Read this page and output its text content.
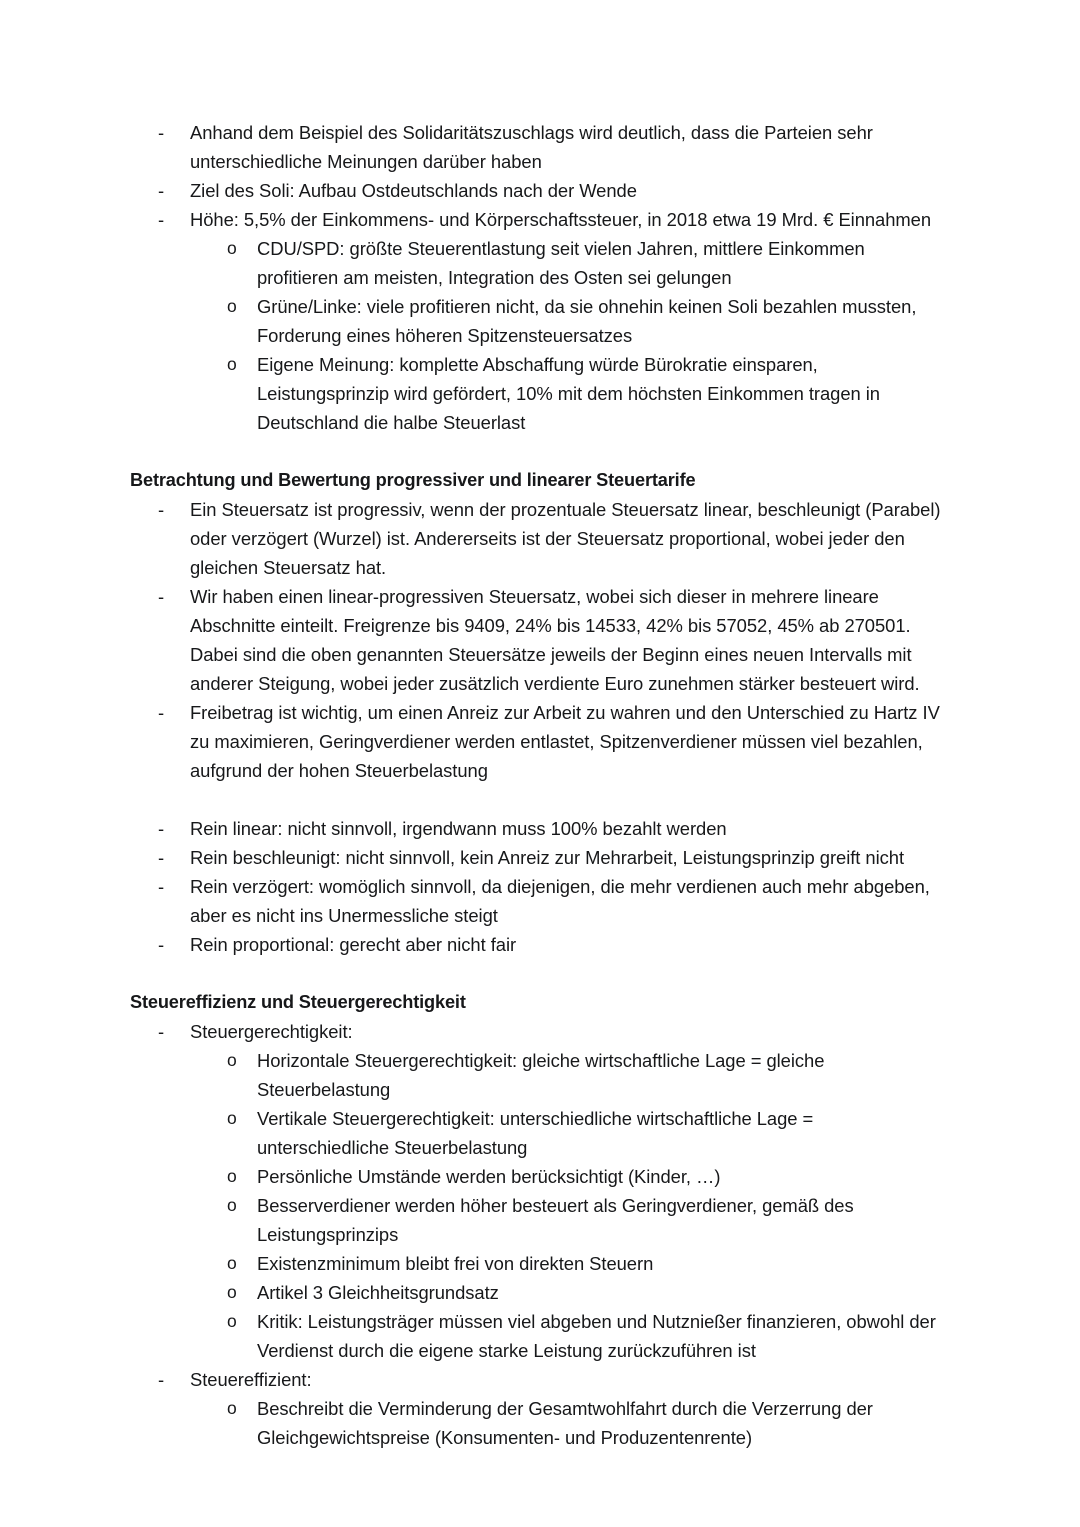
-	Anhand dem Beispiel des Solidaritätszuschlags wird deutlich, dass die Parteien sehr unterschiedliche Meinungen darüber haben
-	Ziel des Soli: Aufbau Ostdeutschlands nach der Wende
-	Höhe: 5,5% der Einkommens- und Körperschaftssteuer, in 2018 etwa 19 Mrd. € Einnahmen
o	CDU/SPD: größte Steuerentlastung seit vielen Jahren, mittlere Einkommen profitieren am meisten, Integration des Osten sei gelungen
o	Grüne/Linke: viele profitieren nicht, da sie ohnehin keinen Soli bezahlen mussten, Forderung eines höheren Spitzensteuersatzes
o	Eigene Meinung: komplette Abschaffung würde Bürokratie einsparen, Leistungsprinzip wird gefördert, 10% mit dem höchsten Einkommen tragen in Deutschland die halbe Steuerlast
Betrachtung und Bewertung progressiver und linearer Steuertarife
-	Ein Steuersatz ist progressiv, wenn der prozentuale Steuersatz linear, beschleunigt (Parabel) oder verzögert (Wurzel) ist. Andererseits ist der Steuersatz proportional, wobei jeder den gleichen Steuersatz hat.
-	Wir haben einen linear-progressiven Steuersatz, wobei sich dieser in mehrere lineare Abschnitte einteilt. Freigrenze bis 9409, 24% bis 14533, 42% bis 57052, 45% ab 270501. Dabei sind die oben genannten Steuersätze jeweils der Beginn eines neuen Intervalls mit anderer Steigung, wobei jeder zusätzlich verdiente Euro zunehmen stärker besteuert wird.
-	Freibetrag ist wichtig, um einen Anreiz zur Arbeit zu wahren und den Unterschied zu Hartz IV zu maximieren, Geringverdiener werden entlastet, Spitzenverdiener müssen viel bezahlen, aufgrund der hohen Steuerbelastung
-	Rein linear: nicht sinnvoll, irgendwann muss 100% bezahlt werden
-	Rein beschleunigt: nicht sinnvoll, kein Anreiz zur Mehrarbeit, Leistungsprinzip greift nicht
-	Rein verzögert: womöglich sinnvoll, da diejenigen, die mehr verdienen auch mehr abgeben, aber es nicht ins Unermessliche steigt
-	Rein proportional: gerecht aber nicht fair
Steuereffizienz und Steuergerechtigkeit
-	Steuergerechtigkeit:
o	Horizontale Steuergerechtigkeit: gleiche wirtschaftliche Lage = gleiche Steuerbelastung
o	Vertikale Steuergerechtigkeit: unterschiedliche wirtschaftliche Lage = unterschiedliche Steuerbelastung
o	Persönliche Umstände werden berücksichtigt (Kinder, …)
o	Besserverdiener werden höher besteuert als Geringverdiener, gemäß des Leistungsprinzips
o	Existenzminimum bleibt frei von direkten Steuern
o	Artikel 3 Gleichheitsgrundsatz
o	Kritik: Leistungsträger müssen viel abgeben und Nutznießer finanzieren, obwohl der Verdienst durch die eigene starke Leistung zurückzuführen ist
-	Steuereffizient:
o	Beschreibt die Verminderung der Gesamtwohlfahrt durch die Verzerrung der Gleichgewichtspreise (Konsumenten- und Produzentenrente)
